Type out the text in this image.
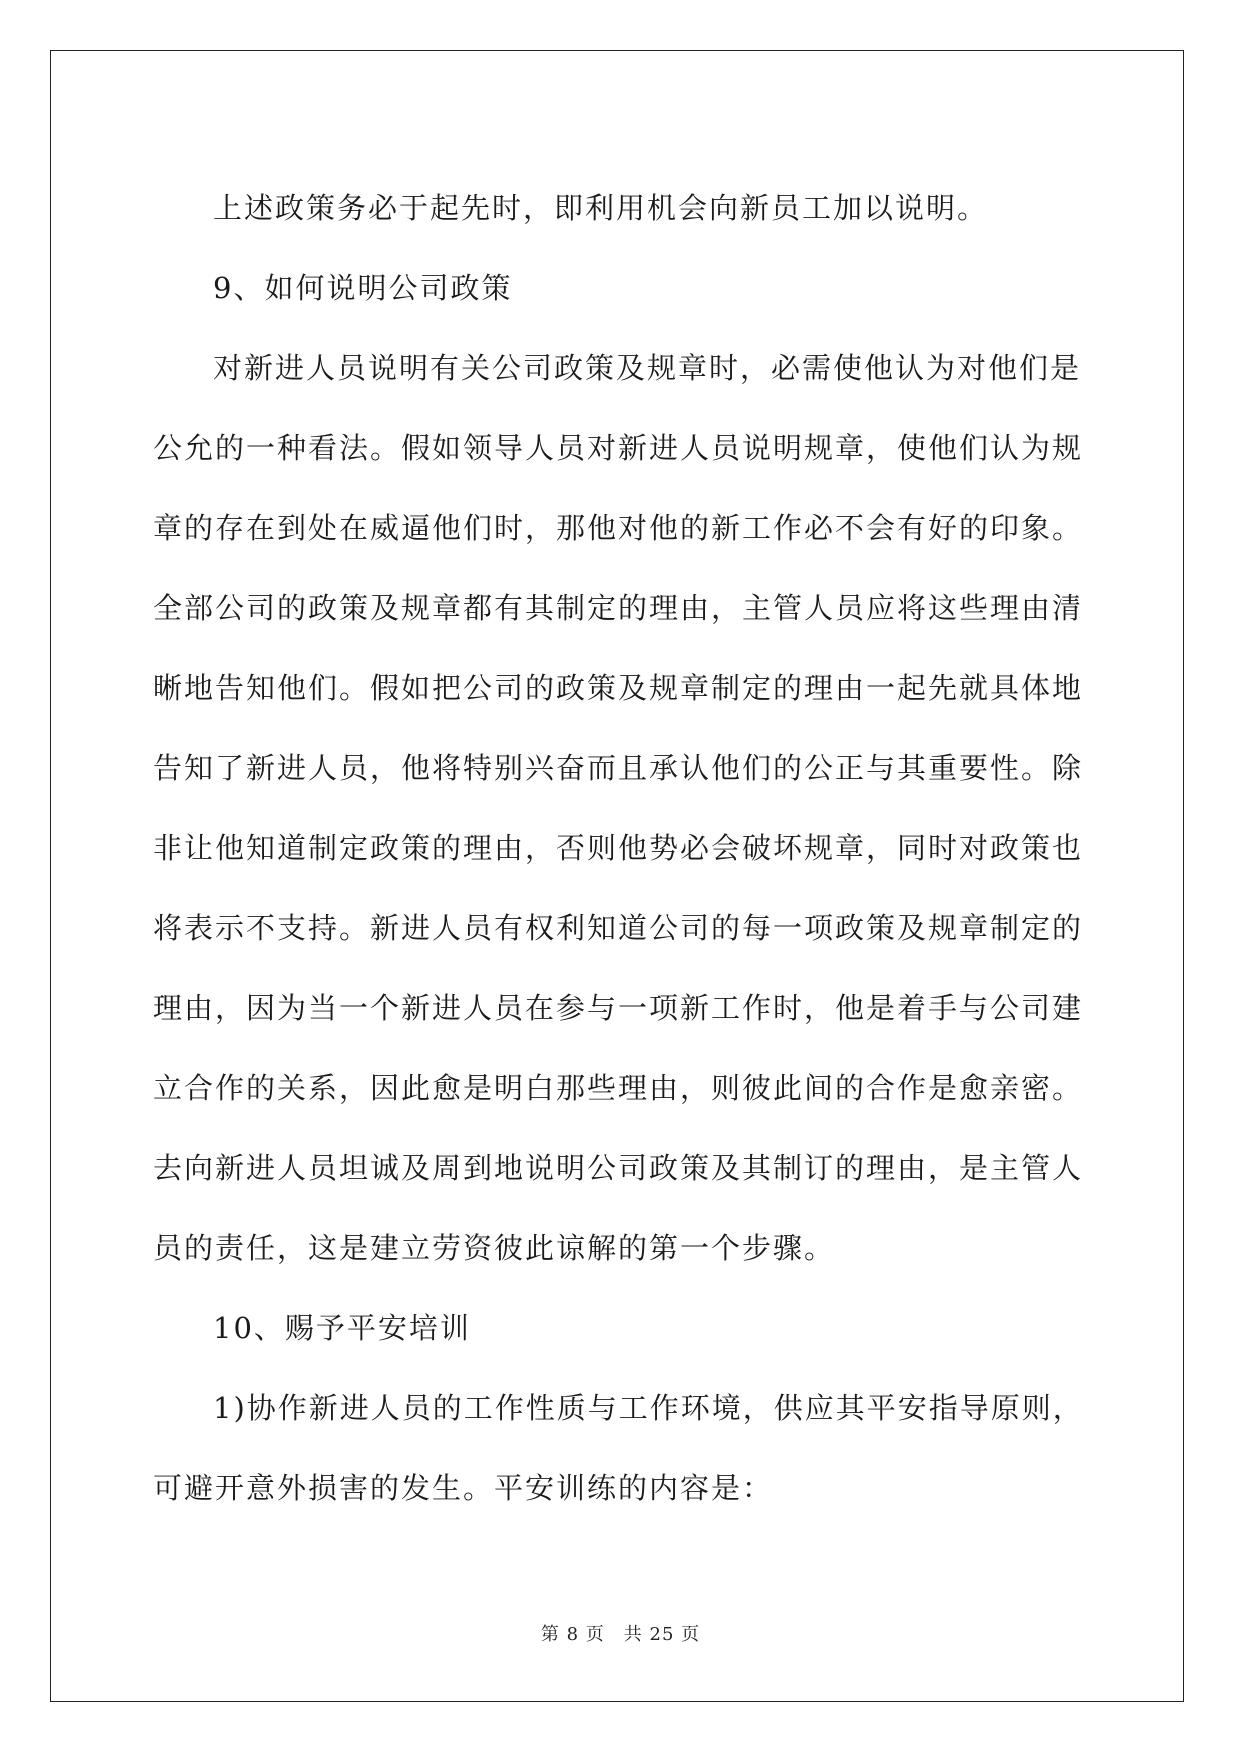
上述政策务必于起先时，即利用机会向新员工加以说明。

9、如何说明公司政策

对新进人员说明有关公司政策及规章时，必需使他认为对他们是

公允的一种看法。假如领导人员对新进人员说明规章，使他们认为规

章的存在到处在威逼他们时，那他对他的新工作必不会有好的印象。

全部公司的政策及规章都有其制定的理由，主管人员应将这些理由清

晰地告知他们。假如把公司的政策及规章制定的理由一起先就具体地

告知了新进人员，他将特别兴奋而且承认他们的公正与其重要性。除

非让他知道制定政策的理由，否则他势必会破坏规章，同时对政策也

将表示不支持。新进人员有权利知道公司的每一项政策及规章制定的

理由，因为当一个新进人员在参与一项新工作时，他是着手与公司建

立合作的关系，因此愈是明白那些理由，则彼此间的合作是愈亲密。

去向新进人员坦诚及周到地说明公司政策及其制订的理由，是主管人

员的责任，这是建立劳资彼此谅解的第一个步骤。

10、赐予平安培训

1)协作新进人员的工作性质与工作环境，供应其平安指导原则，

可避开意外损害的发生。平安训练的内容是：

第 8 页　共 25 页
